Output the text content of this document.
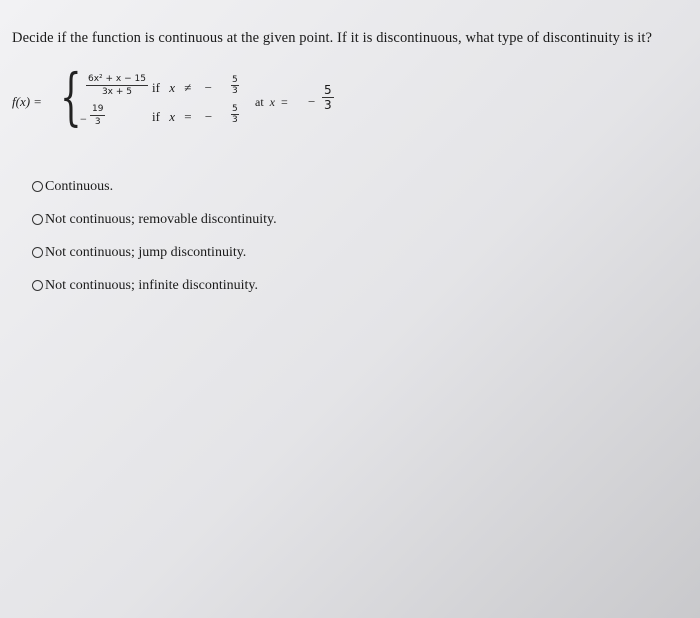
Decide if the function is continuous at the given point. If it is discontinuous, what type of discontinuity is it?
f(x) = { $\frac{\text{6x² + x − 15}}{3x + 5}$ if x ≠ − $\frac{5}{3}$
− $\frac{19}{3}$	if x = − $\frac{5}{3}$
at x = − $\frac{5}{3}$
Continuous.
Not continuous; removable discontinuity.
Not continuous; jump discontinuity.
Not continuous; infinite discontinuity.
